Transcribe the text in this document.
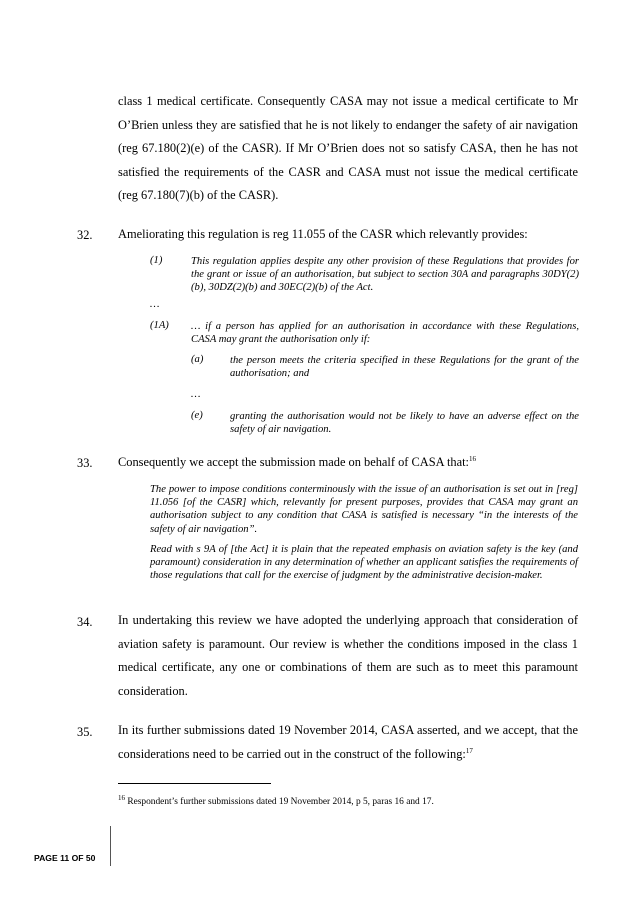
class 1 medical certificate. Consequently CASA may not issue a medical certificate to Mr O’Brien unless they are satisfied that he is not likely to endanger the safety of air navigation (reg 67.180(2)(e) of the CASR). If Mr O’Brien does not so satisfy CASA, then he has not satisfied the requirements of the CASR and CASA must not issue the medical certificate (reg 67.180(7)(b) of the CASR).
32. Ameliorating this regulation is reg 11.055 of the CASR which relevantly provides:
(1)	This regulation applies despite any other provision of these Regulations that provides for the grant or issue of an authorisation, but subject to section 30A and paragraphs 30DY(2)(b), 30DZ(2)(b) and 30EC(2)(b) of the Act.
…
(1A) … if a person has applied for an authorisation in accordance with these Regulations, CASA may grant the authorisation only if:
(a)	the person meets the criteria specified in these Regulations for the grant of the authorisation; and
…
(e)	granting the authorisation would not be likely to have an adverse effect on the safety of air navigation.
33. Consequently we accept the submission made on behalf of CASA that:$^{16}$
The power to impose conditions conterminously with the issue of an authorisation is set out in [reg] 11.056 [of the CASR] which, relevantly for present purposes, provides that CASA may grant an authorisation subject to any condition that CASA is satisfied is necessary “in the interests of the safety of air navigation”.
Read with s 9A of [the Act] it is plain that the repeated emphasis on aviation safety is the key (and paramount) consideration in any determination of whether an applicant satisfies the requirements of those regulations that call for the exercise of judgment by the administrative decision-maker.
34. In undertaking this review we have adopted the underlying approach that consideration of aviation safety is paramount. Our review is whether the conditions imposed in the class 1 medical certificate, any one or combinations of them are such as to meet this paramount consideration.
35. In its further submissions dated 19 November 2014, CASA asserted, and we accept, that the considerations need to be carried out in the construct of the following:$^{17}$
$^{16}$ Respondent’s further submissions dated 19 November 2014, p 5, paras 16 and 17.
PAGE 11 OF 50
